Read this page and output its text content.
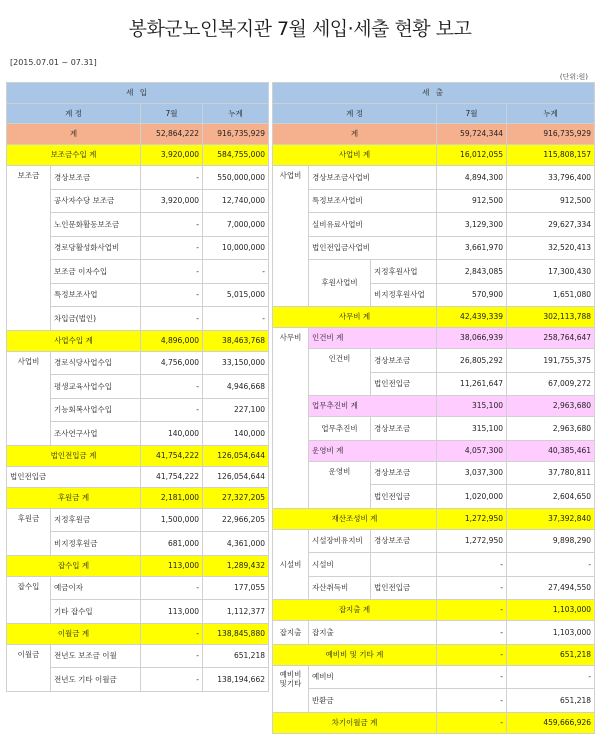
봉화군노인복지관 7월 세입·세출 현황 보고
[2015.07.01 ~ 07.31]
(단위:원)
세 입			
계 정		7월	누계
계		52,864,222	916,735,929
보조금수입 계		3,920,000	584,755,000
보조금	경상보조금	-	550,000,000
	공사자수당 보조금	3,920,000	12,740,000
	노인문화활동보조금	-	7,000,000
	경로당활성화사업비	-	10,000,000
	보조금 이자수입	-	-
	특정보조사업	-	5,015,000
	차입금(법인)	-	-
사업수입 계		4,896,000	38,463,768
사업비	경로식당사업수입	4,756,000	33,150,000
	평생교육사업수입	-	4,946,668
	기능회복사업수입	-	227,100
	조사연구사업	140,000	140,000
법인전입금 계		41,754,222	126,054,644
법인전입금		41,754,222	126,054,644
후원금 계		2,181,000	27,327,205
후원금	지정후원금	1,500,000	22,966,205
	비지정후원금	681,000	4,361,000
잡수입 계		113,000	1,289,432
잡수입	예금이자	-	177,055
	기타 잡수입	113,000	1,112,377
이월금 계		-	138,845,880
이월금	전년도 보조금 이월	-	651,218
	전년도 기타 이월금	-	138,194,662
세 출				
계 정			7월	누계
계			59,724,344	916,735,929
사업비 계			16,012,055	115,808,157
사업비	경상보조금사업비		4,894,300	33,796,400
	특정보조사업비		912,500	912,500
	실비유료사업비		3,129,300	29,627,334
	법인전입금사업비		3,661,970	32,520,413
	후원사업비	지정후원사업	2,843,085	17,300,430
		비지정후원사업	570,900	1,651,080
사무비 계			42,439,339	302,113,788
사무비	인건비 계		38,066,939	258,764,647
	인건비	경상보조금	26,805,292	191,755,375
		법인전입금	11,261,647	67,009,272
	업무추진비 계		315,100	2,963,680
	업무추진비	경상보조금	315,100	2,963,680
	운영비 계		4,057,300	40,385,461
	운영비	경상보조금	3,037,300	37,780,811
		법인전입금	1,020,000	2,604,650
재산조성비 계			1,272,950	37,392,840
시설비	시설장비유지비	경상보조금	1,272,950	9,898,290
	시설비		-	-
	자산취득비	법인전입금	-	27,494,550
잡지출 계			-	1,103,000
잡지출	잡지출		-	1,103,000
예비비 및 기타 계			-	651,218
예비비
및기타	예비비		-	-
	반환금		-	651,218
차기이월금 계			-	459,666,926
